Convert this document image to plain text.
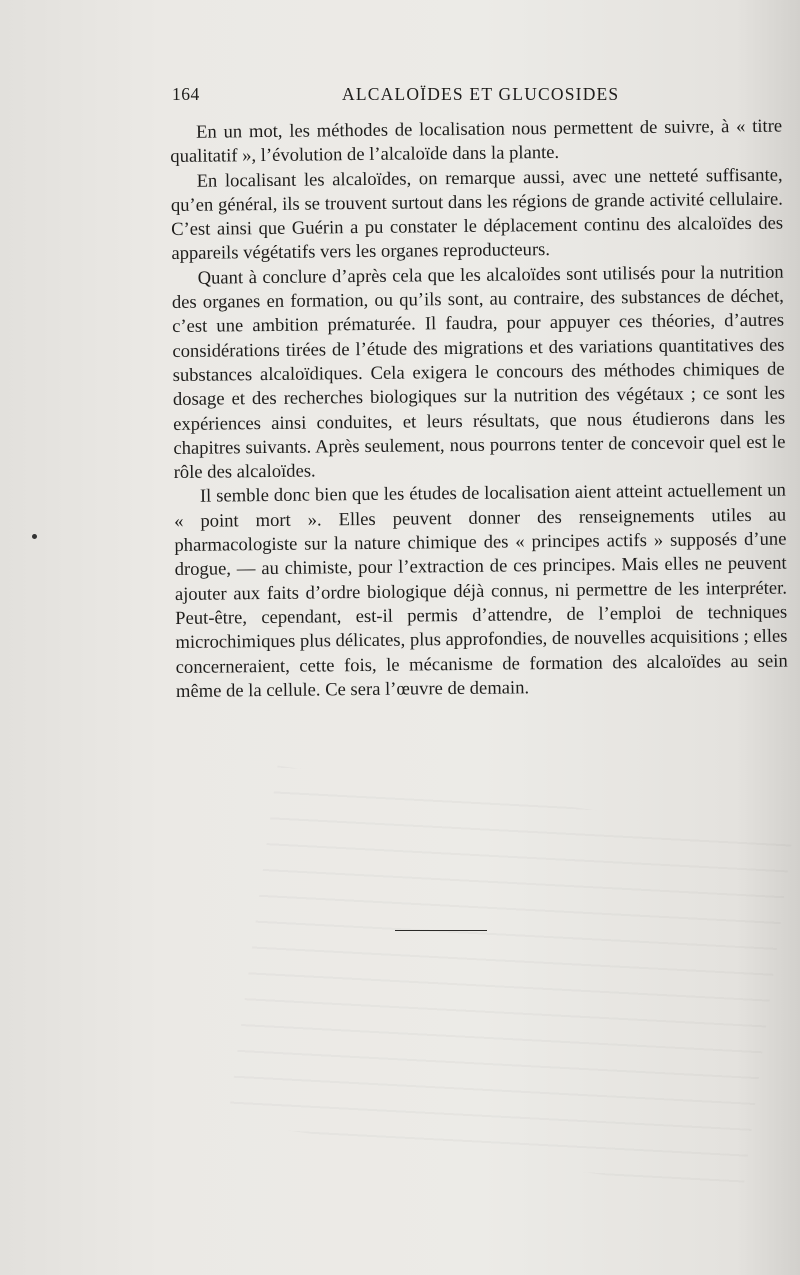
164	ALCALOÏDES ET GLUCOSIDES

En un mot, les méthodes de localisation nous permettent de suivre, à « titre qualitatif », l’évolution de l’alcaloïde dans la plante.

En localisant les alcaloïdes, on remarque aussi, avec une netteté suffisante, qu’en général, ils se trouvent surtout dans les régions de grande activité cellulaire. C’est ainsi que Guérin a pu constater le déplacement continu des alcaloïdes des appareils végétatifs vers les organes reproducteurs.

Quant à conclure d’après cela que les alcaloïdes sont utilisés pour la nutrition des organes en formation, ou qu’ils sont, au contraire, des substances de déchet, c’est une ambition prématurée. Il faudra, pour appuyer ces théories, d’autres considérations tirées de l’étude des migrations et des variations quantitatives des substances alcaloïdiques. Cela exigera le concours des méthodes chimiques de dosage et des recherches biologiques sur la nutrition des végétaux ; ce sont les expériences ainsi conduites, et leurs résultats, que nous étudierons dans les chapitres suivants. Après seulement, nous pourrons tenter de concevoir quel est le rôle des alcaloïdes.

Il semble donc bien que les études de localisation aient atteint actuellement un « point mort ». Elles peuvent donner des renseignements utiles au pharmacologiste sur la nature chimique des « principes actifs » supposés d’une drogue, — au chimiste, pour l’extraction de ces principes. Mais elles ne peuvent ajouter aux faits d’ordre biologique déjà connus, ni permettre de les interpréter. Peut-être, cependant, est-il permis d’attendre, de l’emploi de techniques microchimiques plus délicates, plus approfondies, de nouvelles acquisitions ; elles concerneraient, cette fois, le mécanisme de formation des alcaloïdes au sein même de la cellule. Ce sera l’œuvre de demain.
